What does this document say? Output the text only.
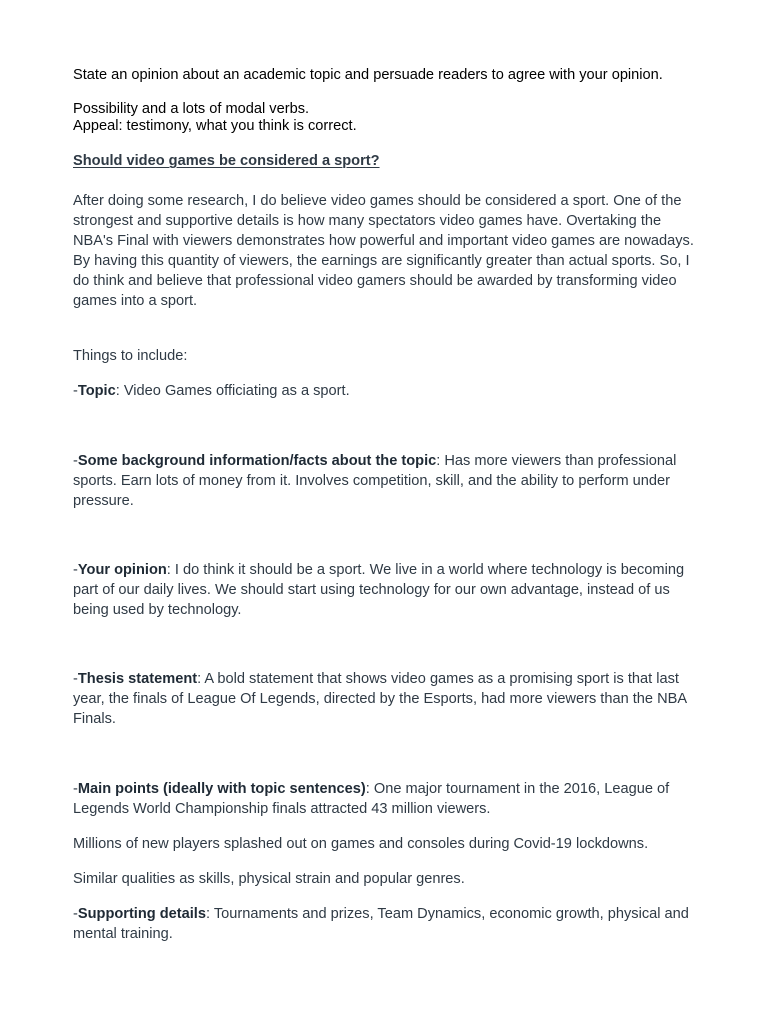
State an opinion about an academic topic and persuade readers to agree with your opinion.

Possibility and a lots of modal verbs.

Appeal: testimony, what you think is correct.

Should video games be considered a sport?

After doing some research, I do believe video games should be considered a sport. One of the strongest and supportive details is how many spectators video games have. Overtaking the NBA's Final with viewers demonstrates how powerful and important video games are nowadays. By having this quantity of viewers, the earnings are significantly greater than actual sports. So, I do think and believe that professional video gamers should be awarded by transforming video games into a sport.

Things to include:

-Topic: Video Games officiating as a sport.

-Some background information/facts about the topic: Has more viewers than professional sports. Earn lots of money from it. Involves competition, skill, and the ability to perform under pressure.

-Your opinion: I do think it should be a sport. We live in a world where technology is becoming part of our daily lives. We should start using technology for our own advantage, instead of us being used by technology.

-Thesis statement: A bold statement that shows video games as a promising sport is that last year, the finals of League Of Legends, directed by the Esports, had more viewers than the NBA Finals.

-Main points (ideally with topic sentences): One major tournament in the 2016, League of Legends World Championship finals attracted 43 million viewers.

Millions of new players splashed out on games and consoles during Covid-19 lockdowns.

Similar qualities as skills, physical strain and popular genres.

-Supporting details: Tournaments and prizes, Team Dynamics, economic growth, physical and mental training.
